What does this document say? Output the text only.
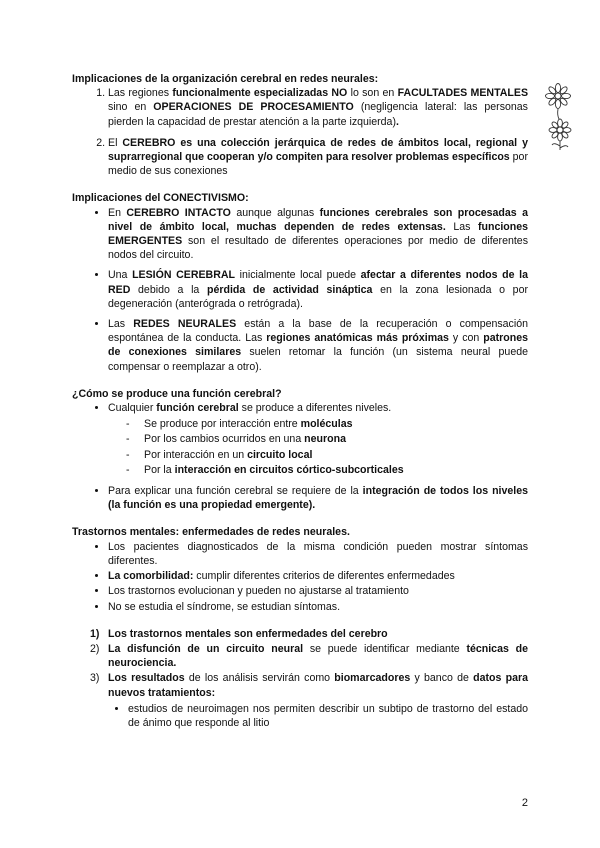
Implicaciones de la organización cerebral en redes neurales:

1. Las regiones funcionalmente especializadas NO lo son en FACULTADES MENTALES sino en OPERACIONES DE PROCESAMIENTO (negligencia lateral: las personas pierden la capacidad de prestar atención a la parte izquierda).
2. El CEREBRO es una colección jerárquica de redes de ámbitos local, regional y suprarregional que cooperan y/o compiten para resolver problemas específicos por medio de sus conexiones

Implicaciones del CONECTIVISMO:

• En CEREBRO INTACTO aunque algunas funciones cerebrales son procesadas a nivel de ámbito local, muchas dependen de redes extensas. Las funciones EMERGENTES son el resultado de diferentes operaciones por medio de diferentes nodos del circuito.
• Una LESIÓN CEREBRAL inicialmente local puede afectar a diferentes nodos de la RED debido a la pérdida de actividad sináptica en la zona lesionada o por degeneración (anterógrada o retrógrada).
• Las REDES NEURALES están a la base de la recuperación o compensación espontánea de la conducta. Las regiones anatómicas más próximas y con patrones de conexiones similares suelen retomar la función (un sistema neural puede compensar o reemplazar a otro).

¿Cómo se produce una función cerebral?

• Cualquier función cerebral se produce a diferentes niveles.
- Se produce por interacción entre moléculas
- Por los cambios ocurridos en una neurona
- Por interacción en un circuito local
- Por la interacción en circuitos córtico-subcorticales
• Para explicar una función cerebral se requiere de la integración de todos los niveles (la función es una propiedad emergente).

Trastornos mentales: enfermedades de redes neurales.

• Los pacientes diagnosticados de la misma condición pueden mostrar síntomas diferentes.
• La comorbilidad: cumplir diferentes criterios de diferentes enfermedades
• Los trastornos evolucionan y pueden no ajustarse al tratamiento
• No se estudia el síndrome, se estudian síntomas.
1) Los trastornos mentales son enfermedades del cerebro
2) La disfunción de un circuito neural se puede identificar mediante técnicas de neurociencia.
3) Los resultados de los análisis servirán como biomarcadores y banco de datos para nuevos tratamientos:
• estudios de neuroimagen nos permiten describir un subtipo de trastorno del estado de ánimo que responde al litio
2
